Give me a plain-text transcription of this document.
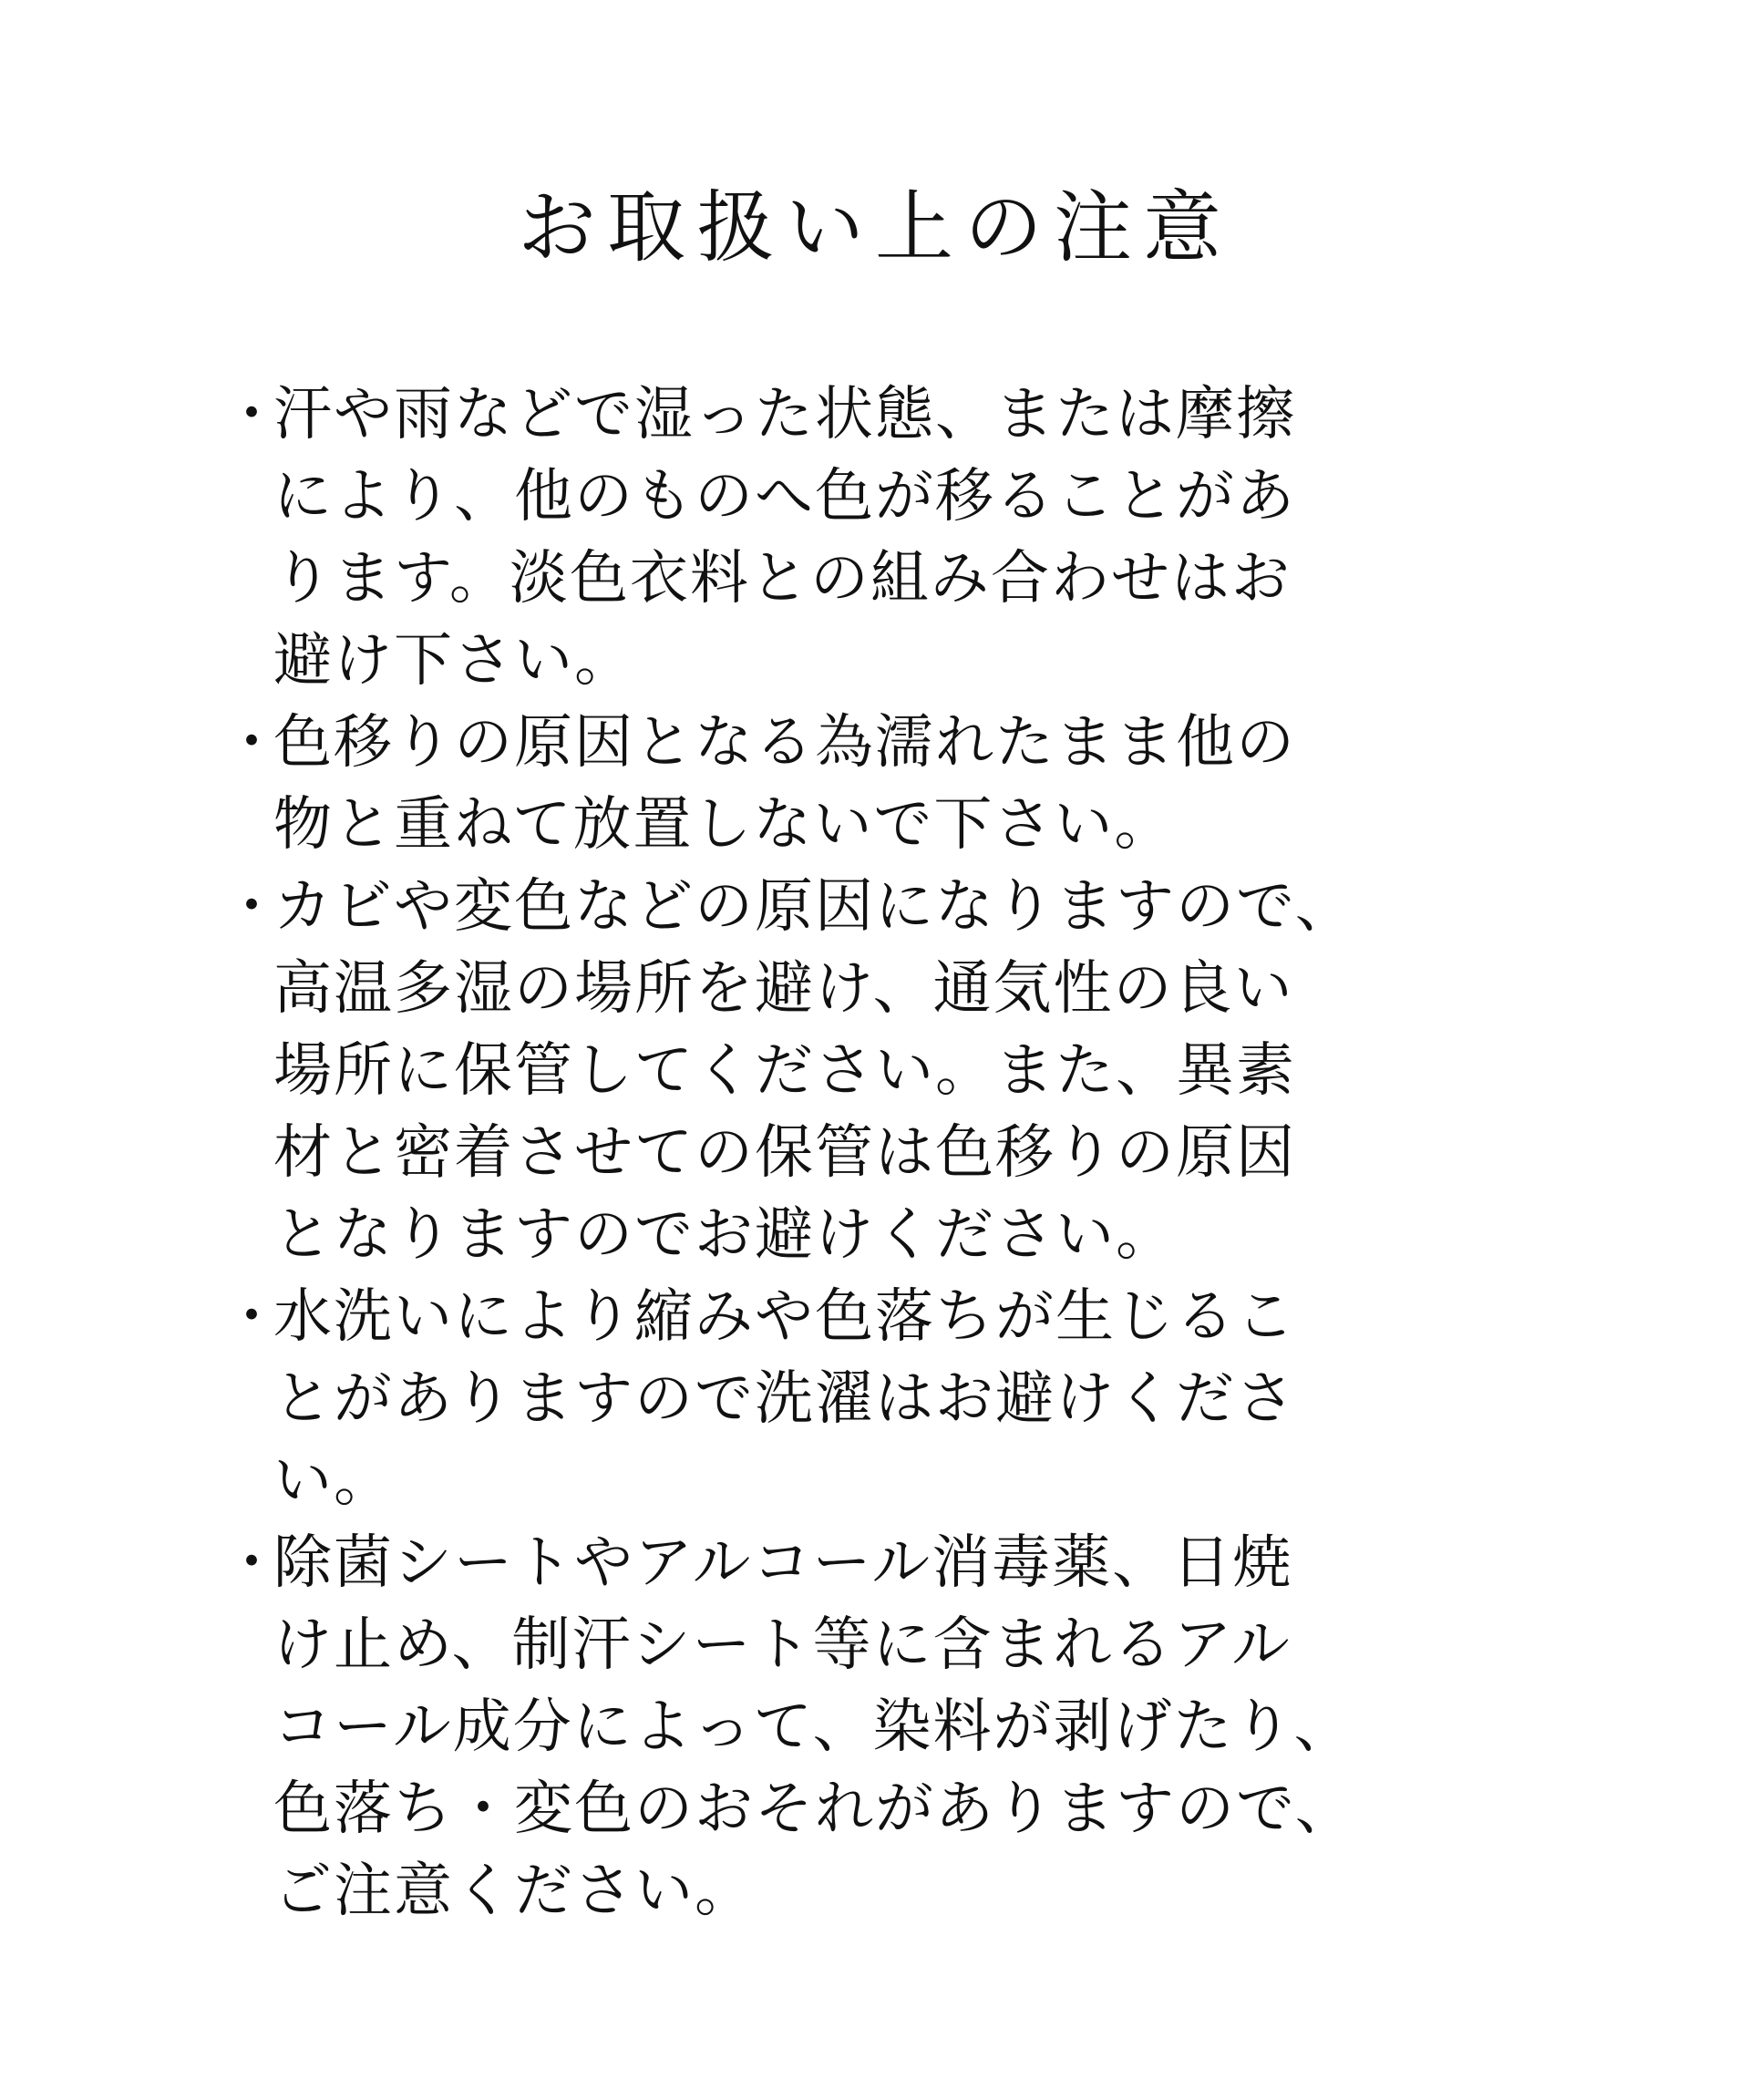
お取扱い上の注意
・
汗や雨などで湿った状態、または摩擦
により、他のものへ色が移ることがあ
ります。淡色衣料との組み合わせはお
避け下さい。
・
色移りの原因となる為濡れたまま他の
物と重ねて放置しないで下さい。
・
カビや変色などの原因になりますので、
高温多湿の場所を避け、通気性の良い
場所に保管してください。また、異素
材と密着させての保管は色移りの原因
となりますのでお避けください。
・
水洗いにより縮みや色落ちが生じるこ
とがありますので洗濯はお避けくださ
い。
・
除菌シートやアルコール消毒薬、日焼
け止め、制汗シート等に含まれるアル
コール成分によって、染料が剥げたり、
色落ち・変色のおそれがありますので、
ご注意ください。
